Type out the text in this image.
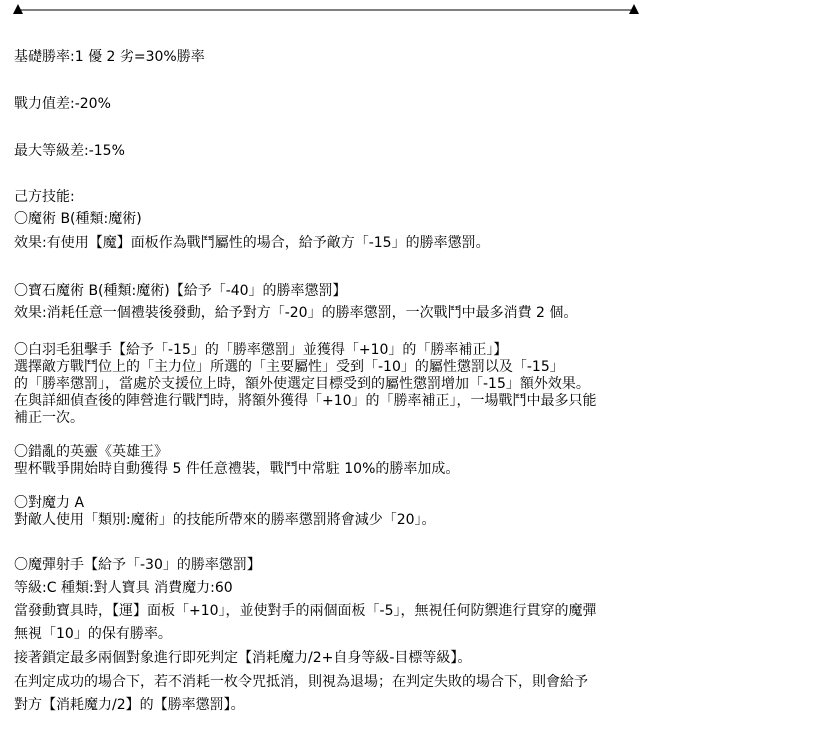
基礎勝率:1 優 2 劣=30%勝率
戰力值差:-20%
最大等級差:-15%
己方技能:
〇魔術 B(種類:魔術)
效果:有使用【魔】面板作為戰鬥屬性的場合，給予敵方「-15」的勝率懲罰。
〇寶石魔術 B(種類:魔術)【給予「-40」的勝率懲罰】
效果:消耗任意一個禮裝後發動，給予對方「-20」的勝率懲罰，一次戰鬥中最多消費 2 個。
〇白羽毛狙擊手【給予「-15」的「勝率懲罰」並獲得「+10」的「勝率補正」】
選擇敵方戰鬥位上的「主力位」所選的「主要屬性」受到「-10」的屬性懲罰以及「-15」
的「勝率懲罰」，當處於支援位上時，額外使選定目標受到的屬性懲罰增加「-15」額外效果。
在與詳細偵查後的陣營進行戰鬥時，將額外獲得「+10」的「勝率補正」，一場戰鬥中最多只能
補正一次。
〇錯亂的英靈《英雄王》
聖杯戰爭開始時自動獲得 5 件任意禮裝，戰鬥中常駐 10%的勝率加成。
〇對魔力 A
對敵人使用「類別:魔術」的技能所帶來的勝率懲罰將會減少「20」。
〇魔彈射手【給予「-30」的勝率懲罰】
等級:C 種類:對人寶具 消費魔力:60
當發動寶具時，【運】面板「+10」，並使對手的兩個面板「-5」，無視任何防禦進行貫穿的魔彈
無視「10」的保有勝率。
接著鎖定最多兩個對象進行即死判定【消耗魔力/2+自身等級-目標等級】。
在判定成功的場合下，若不消耗一枚令咒抵消，則視為退場；在判定失敗的場合下，則會給予
對方【消耗魔力/2】的【勝率懲罰】。
